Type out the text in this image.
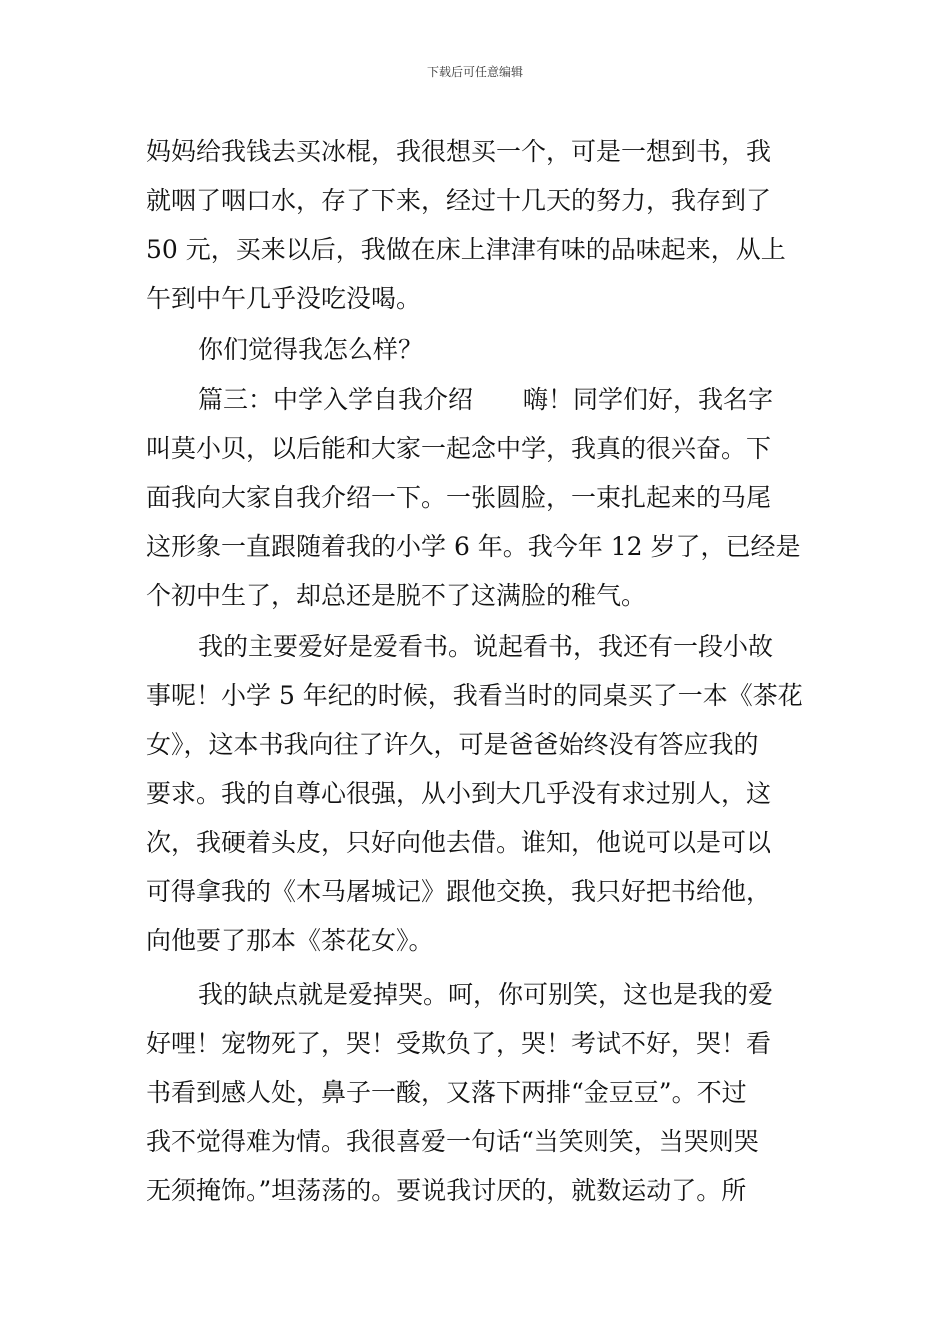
下载后可任意编辑
妈妈给我钱去买冰棍，我很想买一个，可是一想到书，我
就咽了咽口水，存了下来，经过十几天的努力，我存到了
50 元，买来以后，我做在床上津津有味的品味起来，从上
午到中午几乎没吃没喝。
你们觉得我怎么样？
篇三：中学入学自我介绍　　嗨！同学们好，我名字
叫莫小贝，以后能和大家一起念中学，我真的很兴奋。下
面我向大家自我介绍一下。一张圆脸，一束扎起来的马尾
这形象一直跟随着我的小学 6 年。我今年 12 岁了，已经是
个初中生了，却总还是脱不了这满脸的稚气。
我的主要爱好是爱看书。说起看书，我还有一段小故
事呢！小学 5 年纪的时候，我看当时的同桌买了一本《茶花
女》，这本书我向往了许久，可是爸爸始终没有答应我的
要求。我的自尊心很强，从小到大几乎没有求过别人，这
次，我硬着头皮，只好向他去借。谁知，他说可以是可以
可得拿我的《木马屠城记》跟他交换，我只好把书给他，
向他要了那本《茶花女》。
我的缺点就是爱掉哭。呵，你可别笑，这也是我的爱
好哩！宠物死了，哭！受欺负了，哭！考试不好，哭！看
书看到感人处，鼻子一酸，又落下两排“金豆豆”。不过
我不觉得难为情。我很喜爱一句话“当笑则笑，当哭则哭
无须掩饰。”坦荡荡的。要说我讨厌的，就数运动了。所
